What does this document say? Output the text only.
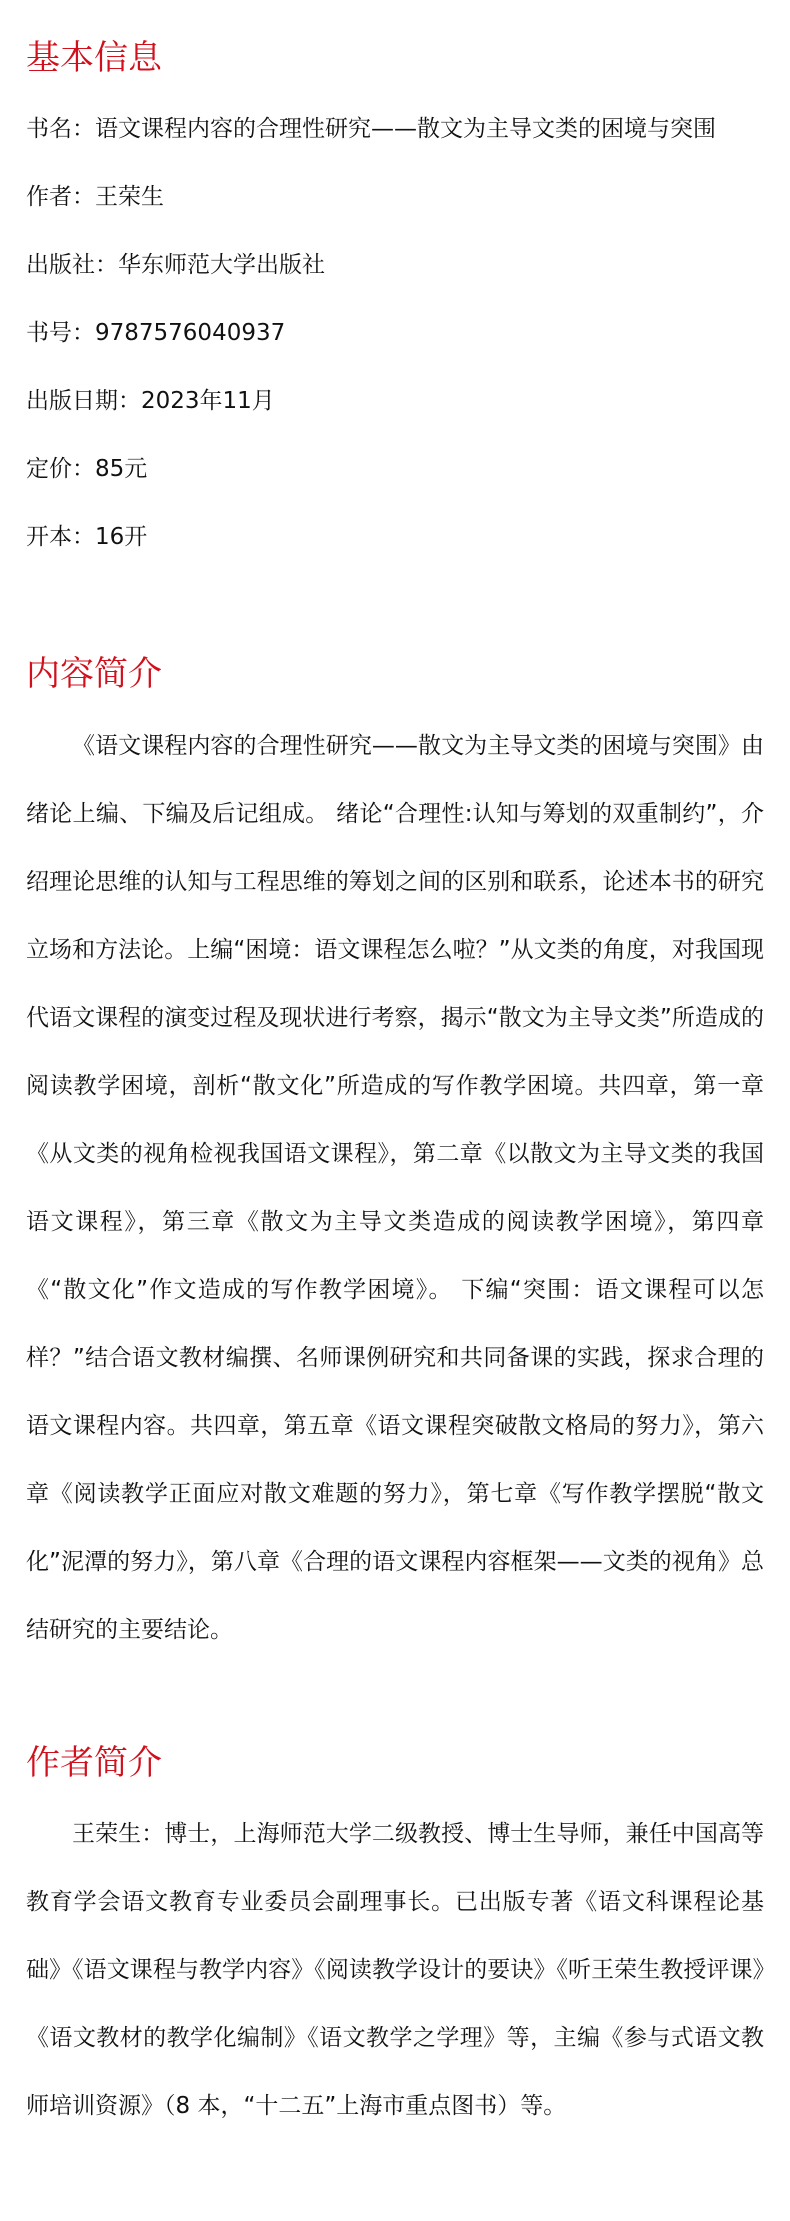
基本信息

书名：语文课程内容的合理性研究——散文为主导文类的困境与突围

作者：王荣生

出版社：华东师范大学出版社

书号：9787576040937

出版日期：2023年11月

定价：85元

开本：16开

内容简介

《语文课程内容的合理性研究——散文为主导文类的困境与突围》由绪论上编、下编及后记组成。 绪论“合理性:认知与筹划的双重制约”，介绍理论思维的认知与工程思维的筹划之间的区别和联系，论述本书的研究立场和方法论。上编“困境：语文课程怎么啦？”从文类的角度，对我国现代语文课程的演变过程及现状进行考察，揭示“散文为主导文类”所造成的阅读教学困境，剖析“散文化”所造成的写作教学困境。共四章，第一章《从文类的视角检视我国语文课程》，第二章《以散文为主导文类的我国语文课程》，第三章《散文为主导文类造成的阅读教学困境》，第四章《“散文化”作文造成的写作教学困境》。 下编“突围：语文课程可以怎样？”结合语文教材编撰、名师课例研究和共同备课的实践，探求合理的语文课程内容。共四章，第五章《语文课程突破散文格局的努力》，第六章《阅读教学正面应对散文难题的努力》，第七章《写作教学摆脱“散文化”泥潭的努力》，第八章《合理的语文课程内容框架——文类的视角》总结研究的主要结论。

作者简介

王荣生：博士，上海师范大学二级教授、博士生导师，兼任中国高等教育学会语文教育专业委员会副理事长。已出版专著《语文科课程论基础》《语文课程与教学内容》《阅读教学设计的要诀》《听王荣生教授评课》《语文教材的教学化编制》《语文教学之学理》等，主编《参与式语文教师培训资源》（8 本，“十二五”上海市重点图书）等。
